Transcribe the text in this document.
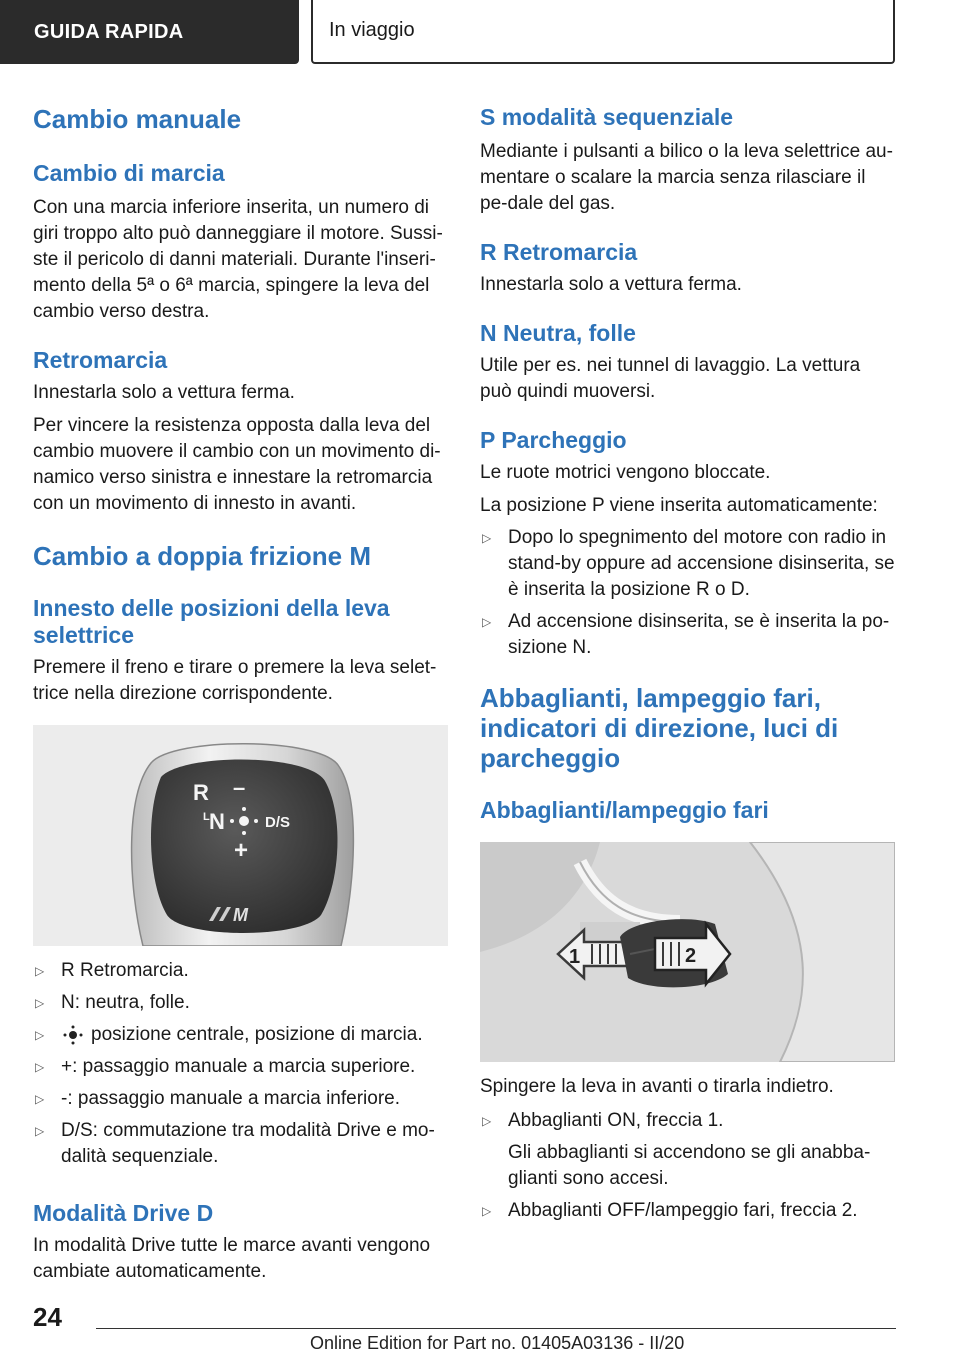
GUIDA RAPIDA	In viaggio
Cambio manuale
Cambio di marcia

Con una marcia inferiore inserita, un numero di giri troppo alto può danneggiare il motore. Sussi-ste il pericolo di danni materiali. Durante l'inseri-mento della 5ª o 6ª marcia, spingere la leva del cambio verso destra.

Retromarcia

Innestarla solo a vettura ferma.

Per vincere la resistenza opposta dalla leva del cambio muovere il cambio con un movimento di-namico verso sinistra e innestare la retromarcia con un movimento di innesto in avanti.

Cambio a doppia frizione M
Innesto delle posizioni della leva selettrice

Premere il freno e tirare o premere la leva selet-trice nella direzione corrispondente.

R –
L N	D/S
+
M
▷ R Retromarcia.
▷ N: neutra, folle.
▷	posizione centrale, posizione di marcia.
▷ +: passaggio manuale a marcia superiore.
▷ -: passaggio manuale a marcia inferiore.
▷ D/S: commutazione tra modalità Drive e mo-dalità sequenziale.
Modalità Drive D

In modalità Drive tutte le marce avanti vengono cambiate automaticamente.

S modalità sequenziale

Mediante i pulsanti a bilico o la leva selettrice au-mentare o scalare la marcia senza rilasciare il pe-dale del gas.

R Retromarcia

Innestarla solo a vettura ferma.

N Neutra, folle

Utile per es. nei tunnel di lavaggio. La vettura può quindi muoversi.

P Parcheggio

Le ruote motrici vengono bloccate.

La posizione P viene inserita automaticamente:

▷ Dopo lo spegnimento del motore con radio in stand-by oppure ad accensione disinserita, se è inserita la posizione R o D.
▷ Ad accensione disinserita, se è inserita la po-sizione N.
Abbaglianti, lampeggio fari, indicatori di direzione, luci di parcheggio
Abbaglianti/lampeggio fari
1	2

Spingere la leva in avanti o tirarla indietro.

▷ Abbaglianti ON, freccia 1.
Gli abbaglianti si accendono se gli anabba-glianti sono accesi.
▷ Abbaglianti OFF/lampeggio fari, freccia 2.
24
Online Edition for Part no. 01405A03136 - II/20
